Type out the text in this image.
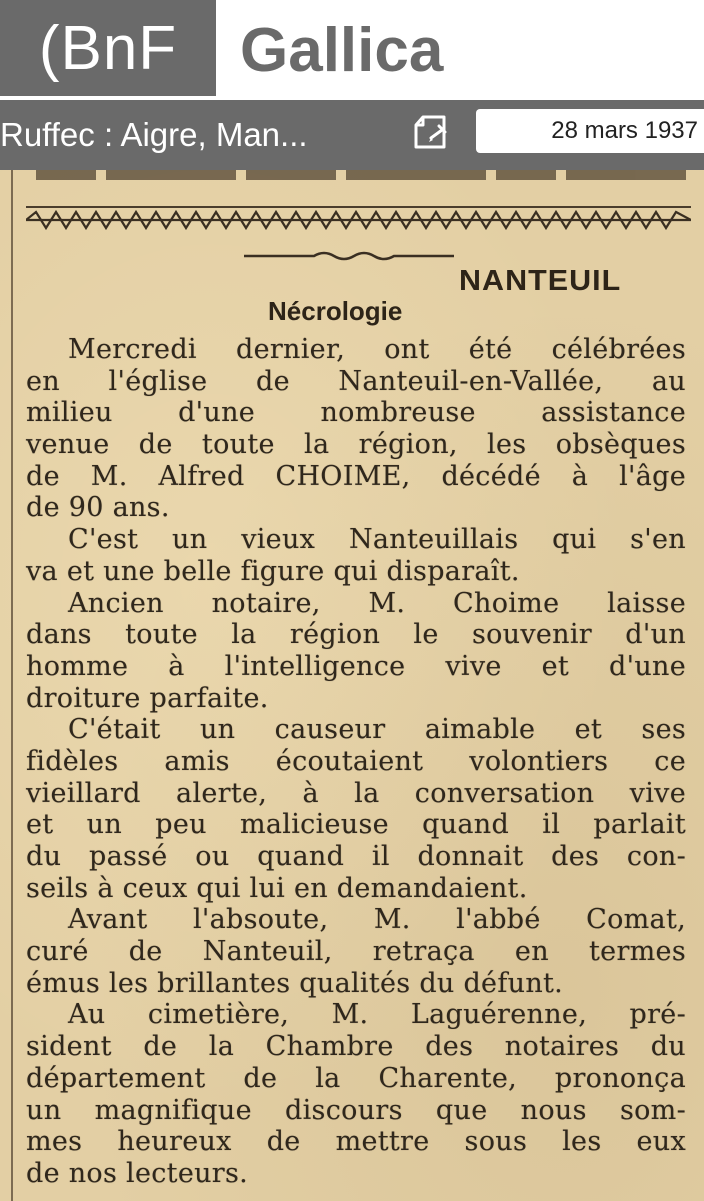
(BnF	Gallica
Ruffec : Aigre, Man...	28 mars 1937
NANTEUIL
Nécrologie
Mercredi dernier, ont été célébrées
en l'église de Nanteuil-en-Vallée, au
milieu d'une nombreuse assistance
venue de toute la région, les obsèques
de M. Alfred CHOIME, décédé à l'âge
de 90 ans.
C'est un vieux Nanteuillais qui s'en
va et une belle figure qui disparaît.
Ancien notaire, M. Choime laisse
dans toute la région le souvenir d'un
homme à l'intelligence vive et d'une
droiture parfaite.
C'était un causeur aimable et ses
fidèles amis écoutaient volontiers ce
vieillard alerte, à la conversation vive
et un peu malicieuse quand il parlait
du passé ou quand il donnait des con-
seils à ceux qui lui en demandaient.
Avant l'absoute, M. l'abbé Comat,
curé de Nanteuil, retraça en termes
émus les brillantes qualités du défunt.
Au cimetière, M. Laguérenne, pré-
sident de la Chambre des notaires du
département de la Charente, prononça
un magnifique discours que nous som-
mes heureux de mettre sous les eux
de nos lecteurs.
